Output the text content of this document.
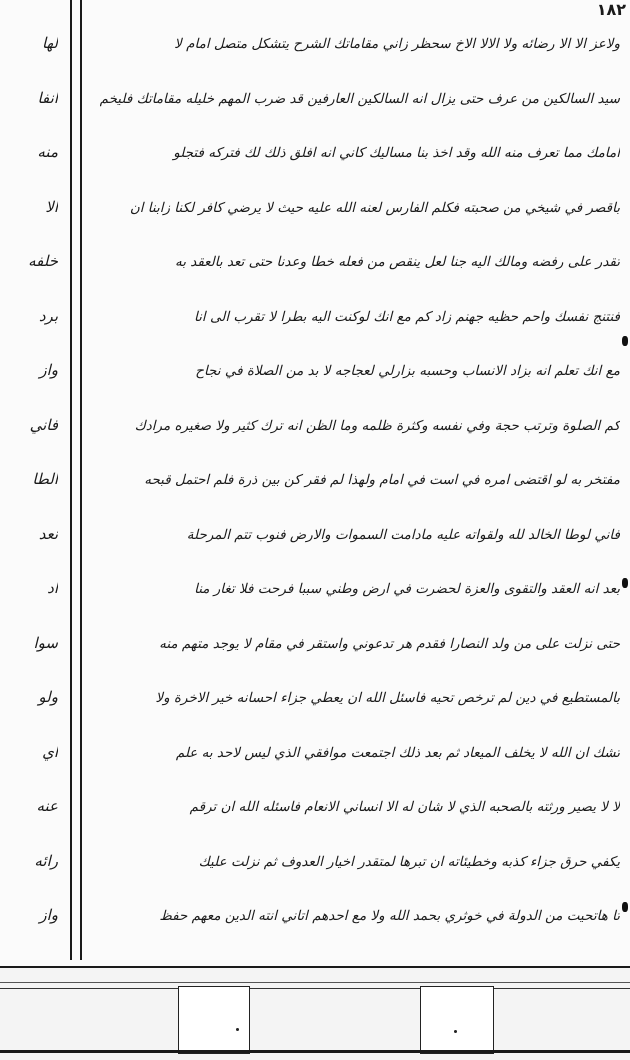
١٨٢
لها
انفا
منه
الا
خلفه
برد
واز
فاني
الطا
نعد
اد
سوا
ولو
اي
عنه
رائه
واز
ولاعز الا الا رضائه ولا الالا الاخ سحظر زاني مقاماتك الشرح يتشكل متصل امام لا
سيد السالكين من عرف حتى يزال انه السالكين العارفين قد ضرب المهم خليله مقاماتك فليخم
امامك مما تعرف منه الله وقد اخذ بنا مساليك كاني انه افلق ذلك لك فتركه فتجلو
باقصر في شيخي من صحبته فكلم الفارس لعنه الله عليه حيث لا يرضي كافر لكنا زابنا ان
تقدر على رفضه ومالك اليه جنا لعل ينقص من فعله خطا وعدنا حتى تعد بالعقد به
فنتنج نفسك واحم حظيه جهنم زاد كم مع انك لوكنت اليه بطرا لا تقرب الى انا
مع انك تعلم انه بزاد الانساب وحسبه بزارلي لعجاجه لا بد من الصلاة في نجاح
كم الصلوة وترتب حجة وفي نفسه وكثرة ظلمه وما الظن انه ترك كثير ولا صغيره مرادك
مفتخر به لو اقتضى امره في است في امام ولهذا لم فقر كن بين ذرة فلم احتمل قبحه
فاني لوطا الخالد لله ولقواته عليه مادامت السموات والارض فنوب تتم المرحلة
بعد انه العقد والتقوى والعزة لحضرت في ارض وطني سببا فرحت فلا تغار منا
حتى نزلت على من ولد النصارا فقدم هر تدعوني واستقر في مقام لا يوجد متهم منه
بالمستطيع في دين لم ترخص تحيه فاسئل الله ان يعطي جزاء احسانه خير الاخرة ولا
تشك ان الله لا يخلف الميعاد ثم بعد ذلك اجتمعت موافقي الذي ليس لاحد به علم
لا لا يصير ورثته بالصحبه الذي لا شان له الا انساني الانعام فاسئله الله ان ترقم
يكفي حرق جزاء كذبه وخطيئاته ان تبرها لمتقدر اخيار العدوف ثم نزلت عليك
تا هاتحيت من الدولة في خوثري بحمد الله ولا مع احدهم اتاني انته الدين معهم حفظ
